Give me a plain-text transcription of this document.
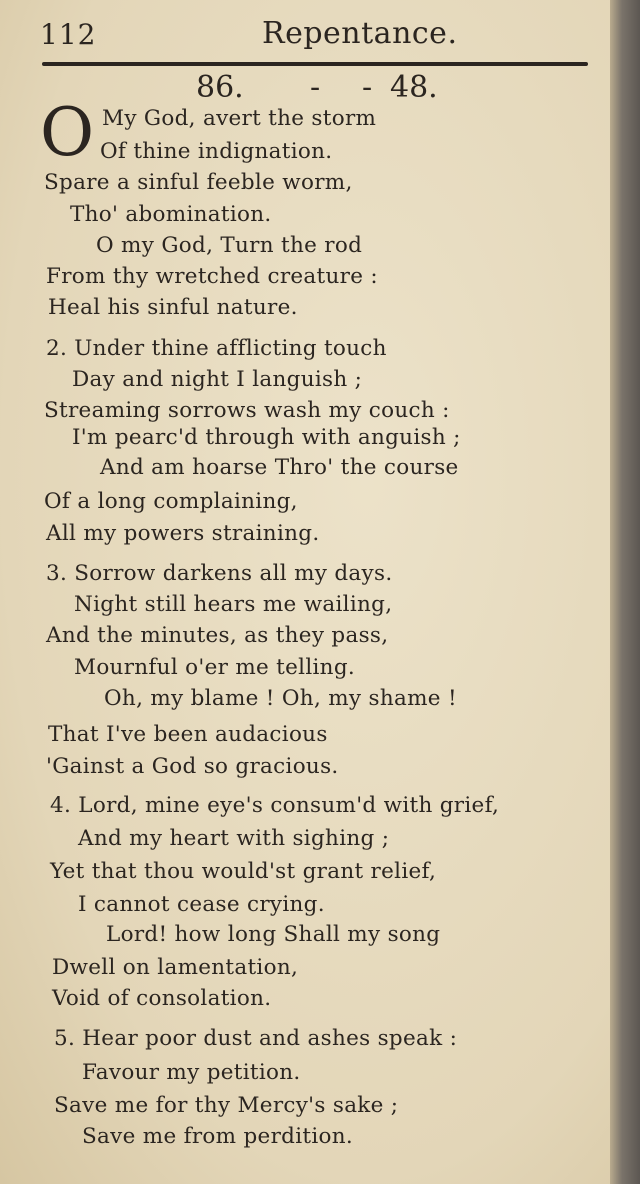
112	Repentance.
86. - - 48.
O My God, avert the storm
Of thine indignation.
Spare a sinful feeble worm,
Tho' abomination.
O my God, Turn the rod
From thy wretched creature :
Heal his sinful nature.
2. Under thine afflicting touch
Day and night I languish ;
Streaming sorrows wash my couch :
I'm pearc'd through with anguish ;
And am hoarse Thro' the course
Of a long complaining,
All my powers straining.
3. Sorrow darkens all my days.
Night still hears me wailing,
And the minutes, as they pass,
Mournful o'er me telling.
Oh, my blame ! Oh, my shame !
That I've been audacious
'Gainst a God so gracious.
4. Lord, mine eye's consum'd with grief,
And my heart with sighing ;
Yet that thou would'st grant relief,
I cannot cease crying.
Lord! how long Shall my song
Dwell on lamentation,
Void of consolation.
5. Hear poor dust and ashes speak :
Favour my petition.
Save me for thy Mercy's sake ;
Save me from perdition.
